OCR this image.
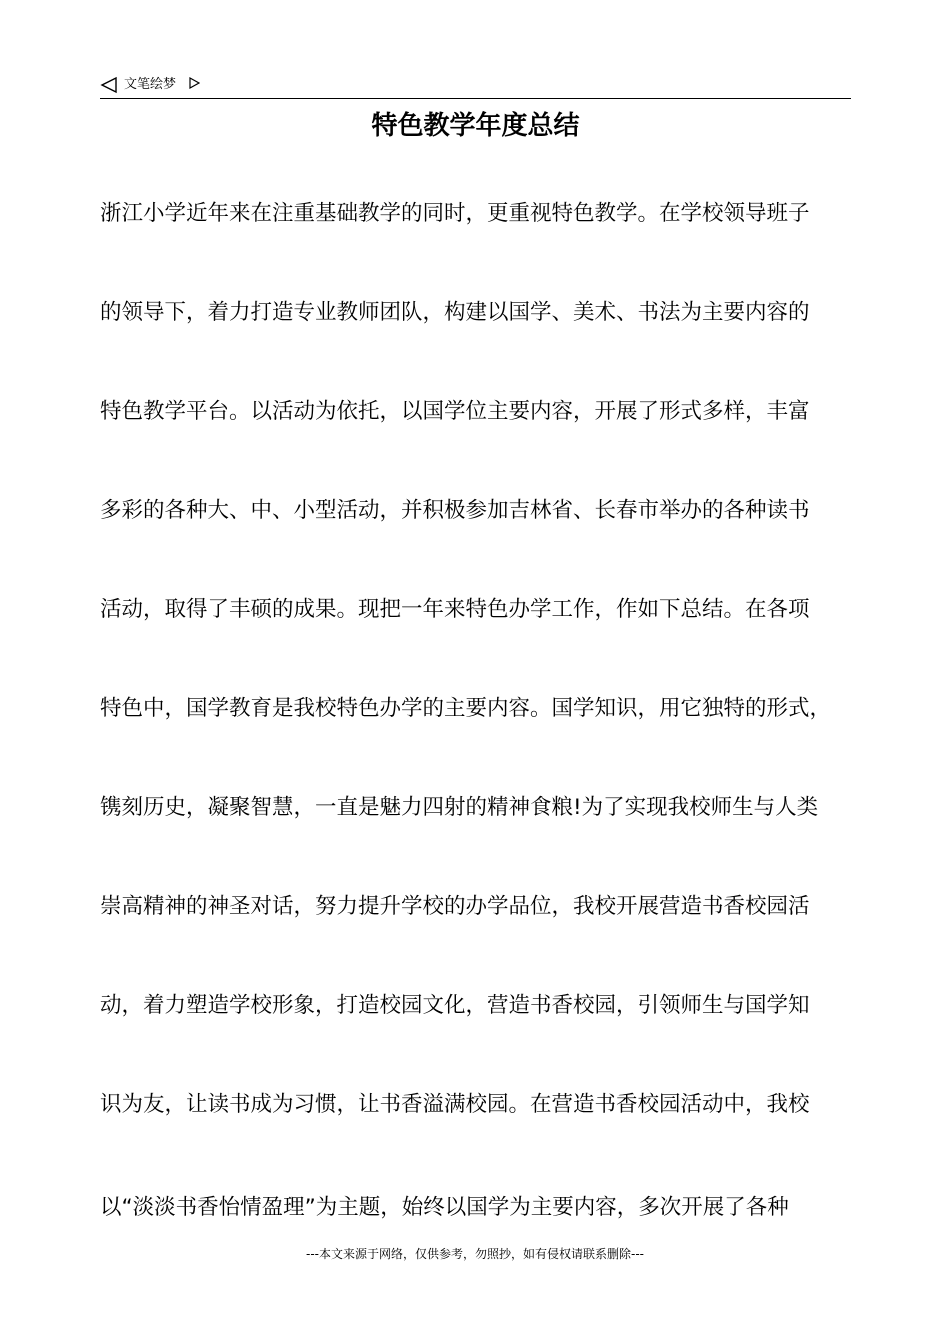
文笔绘梦
特色教学年度总结
浙江小学近年来在注重基础教学的同时，更重视特色教学。在学校领导班子
的领导下，着力打造专业教师团队，构建以国学、美术、书法为主要内容的
特色教学平台。以活动为依托，以国学位主要内容，开展了形式多样，丰富
多彩的各种大、中、小型活动，并积极参加吉林省、长春市举办的各种读书
活动，取得了丰硕的成果。现把一年来特色办学工作，作如下总结。在各项
特色中，国学教育是我校特色办学的主要内容。国学知识，用它独特的形式，
镌刻历史，凝聚智慧，一直是魅力四射的精神食粮!为了实现我校师生与人类
崇高精神的神圣对话，努力提升学校的办学品位，我校开展营造书香校园活
动，着力塑造学校形象，打造校园文化，营造书香校园，引领师生与国学知
识为友，让读书成为习惯，让书香溢满校园。在营造书香校园活动中，我校
以“淡淡书香怡情盈理”为主题，始终以国学为主要内容，多次开展了各种
---本文来源于网络，仅供参考，勿照抄，如有侵权请联系删除---
